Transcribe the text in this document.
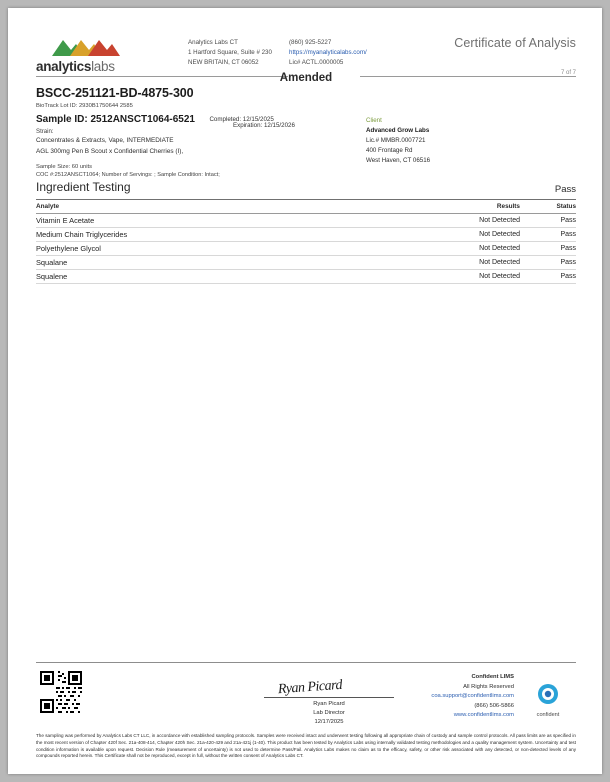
analyticslabs
Analytics Labs CT
1 Hartford Square, Suite # 230
NEW BRITAIN, CT 06052
(860) 925-5227
https://myanalyticalabs.com/
Lic# ACTL.0000005
Certificate of Analysis
7 of 7
Amended
BSCC-251121-BD-4875-300
BioTrack Lot ID: 2930B1750644 2585
Sample ID: 2512ANSCT1064-6521 Completed: 12/15/2025
Strain:
Expiration: 12/15/2026
Concentrates & Extracts, Vape, INTERMEDIATE
AGL 300mg Pen B Scout x Confidential Cherries (I),
Sample Size: 60 units
COC #:2512ANSCT1064; Number of Servings: ; Sample Condition: Intact;
Client
Advanced Grow Labs
Lic.# MMBR.0007721
400 Frontage Rd
West Haven, CT 06516
Ingredient Testing	Pass
Analyte	Results	Status
Vitamin E Acetate	Not Detected	Pass
Medium Chain Triglycerides	Not Detected	Pass
Polyethylene Glycol	Not Detected	Pass
Squalane	Not Detected	Pass
Squalene	Not Detected	Pass
Ryan Picard
Ryan Picard
Lab Director
12/17/2025
Confident LIMS
All Rights Reserved
coa.support@confidentlims.com
(866) 506-5866
www.confidentlims.com	confident
The sampling was performed by Analytics Labs CT LLC, in accordance with established sampling protocols. Samples were received intact and underwent testing following all appropriate chain of custody and sample control protocols. All pass limits are as specified in the most recent version of Chapter 420f Sec. 21a-408-414, Chapter 420h Sec. 21a-420-429 and 21a-421j (1-40). This product has been tested by Analytics Labs using internally validated testing methodologies and a quality management system. Uncertainty and test condition information is available upon request. Decision Rule (measurement of uncertainty) is not used to determine Pass/Fail. Analytics Labs makes no claim as to the efficacy, safety, or other risk associated with any detected, or non-detected levels of any compounds reported herein. This Certificate shall not be reproduced, except in full, without the written consent of Analytics Labs CT.
